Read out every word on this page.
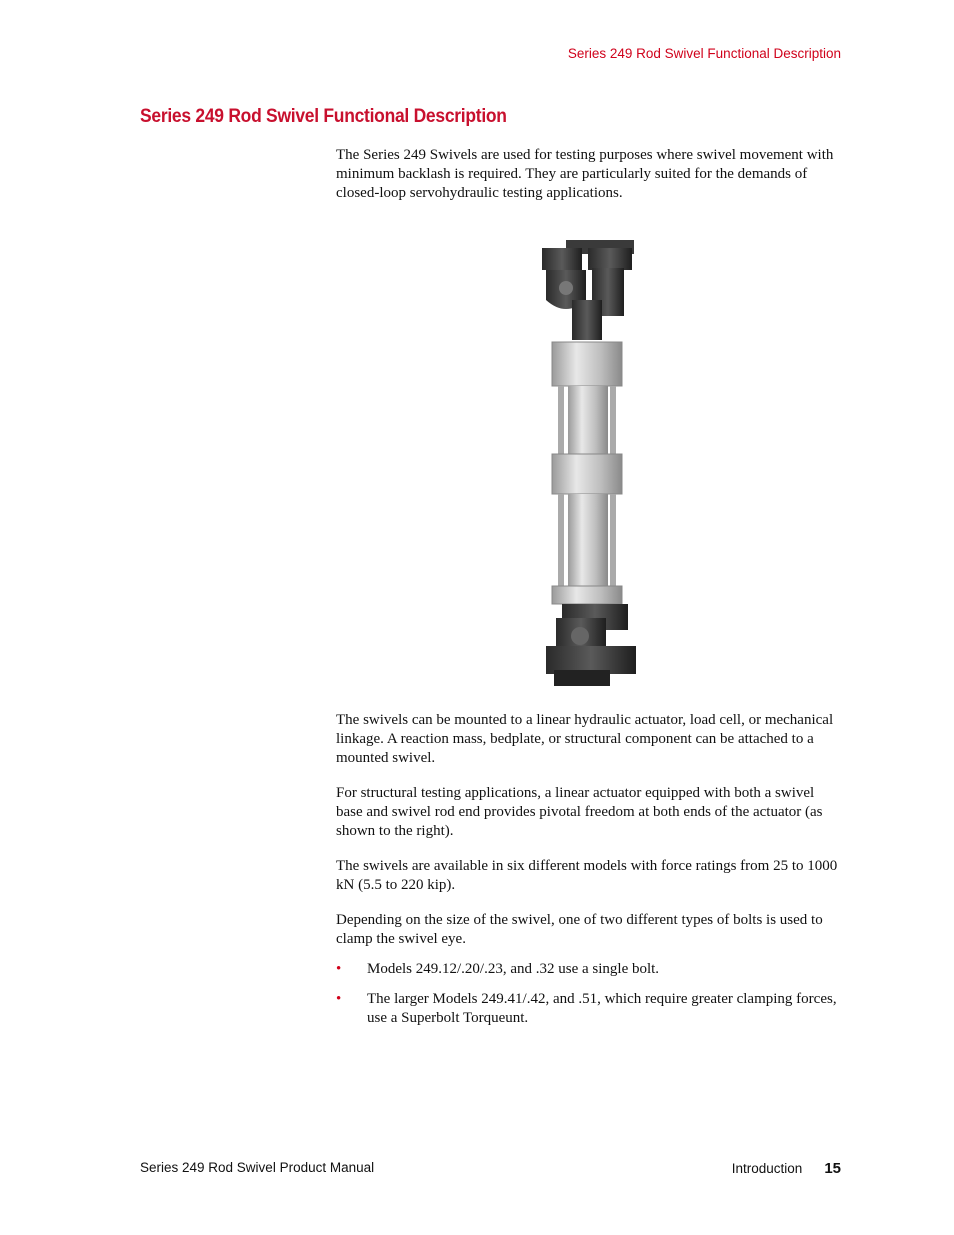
Series 249 Rod Swivel Functional Description
Series 249 Rod Swivel Functional Description

The Series 249 Swivels are used for testing purposes where swivel movement with minimum backlash is required. They are particularly suited for the demands of closed-loop servohydraulic testing applications.

The swivels can be mounted to a linear hydraulic actuator, load cell, or mechanical linkage. A reaction mass, bedplate, or structural component can be attached to a mounted swivel.

For structural testing applications, a linear actuator equipped with both a swivel base and swivel rod end provides pivotal freedom at both ends of the actuator (as shown to the right).

The swivels are available in six different models with force ratings from 25 to 1000 kN (5.5 to 220 kip).

Depending on the size of the swivel, one of two different types of bolts is used to clamp the swivel eye.

• Models 249.12/.20/.23, and .32 use a single bolt.
• The larger Models 249.41/.42, and .51, which require greater clamping forces, use a Superbolt Torqueunt.
Series 249 Rod Swivel Product Manual	Introduction 15
